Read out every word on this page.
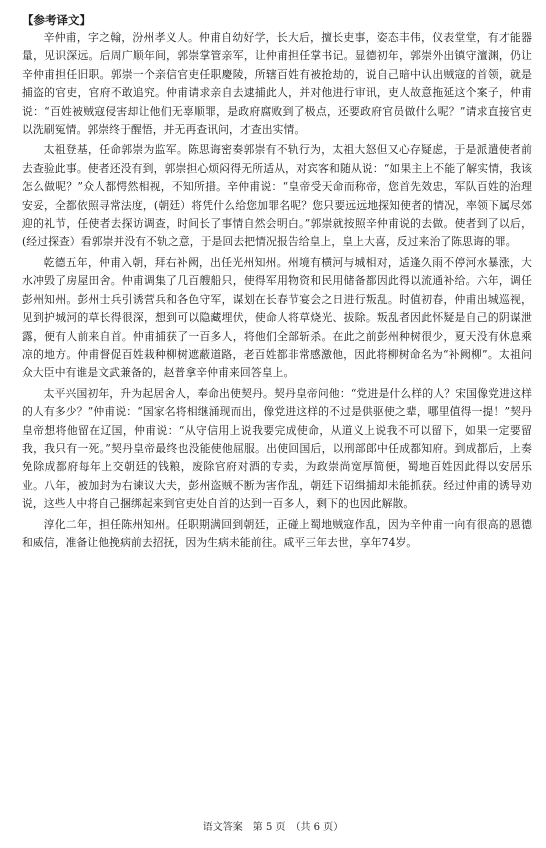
【参考译文】

辛仲甫，字之翰，汾州孝义人。仲甫自幼好学，长大后，擅长吏事，姿态丰伟，仪表堂堂，有才能器量，见识深远。后周广顺年间，郭崇掌管亲军，让仲甫担任掌书记。显德初年，郭崇外出镇守澶渊，仍让辛仲甫担任旧职。郭崇一个亲信官吏任职慶陵，所辖百姓有被抢劫的，说自己暗中认出贼寇的首领，就是捕盗的官吏，官府不敢追究。仲甫请求亲自去逮捕此人，并对他进行审讯，吏人故意拖延这个案子，仲甫说：“百姓被贼寇侵害却让他们无辜顺罪，是政府腐败到了极点，还要政府官员做什么呢？”请求直接官吏以洗刷冤情。郭崇终于醒悟，并无再查讯问，才查出实情。

太祖登基，任命郭崇为监军。陈思诲密奏郭崇有不轨行为，太祖大怒但又心存疑虑，于是派遣使者前去查验此事。使者还没有到，郭崇担心烦闷得无所适从，对宾客和随从说：“如果主上不能了解实情，我该怎么做呢？”众人都愕然相视，不知所措。辛仲甫说：“皇帝受天命而称帝，您首先效忠，军队百姓的治理安妥，全都依照寻常法度，(朝廷）将凭什么给您加罪名呢？您只要远远地探知使者的情况，率领下属尽郊迎的礼节，任使者去探访调查，时间长了事情自然会明白。”郭崇就按照辛仲甫说的去做。使者到了以后，(经过探查）看郭崇并没有不轨之意，于是回去把情况报告给皇上，皇上大喜，反过来治了陈思诲的罪。

乾德五年，仲甫入朝，拜右补阙，出任光州知州。州境有横河与城相对，适逢久雨不停河水暴涨，大水冲毁了房屋田舍。仲甫调集了几百艘船只，使得军用物资和民用储备都因此得以流通补给。六年，调任彭州知州。彭州士兵引诱营兵和各色守军，谋划在长春节宴会之日进行叛乱。时值初春，仲甫出城巡视，见到护城河的草长得很深，想到可以隐藏埋伏，使命人将草烧光、拔除。叛乱者因此怀疑是自己的阴谋泄露，便有人前来自首。仲甫捕获了一百多人，将他们全部斩杀。在此之前彭州种树很少，夏天没有休息乘凉的地方。仲甫督促百姓栽种柳树遮蔽道路，老百姓都非常感激他，因此将柳树命名为“补阙柳”。太祖问众大臣中有谁是文武兼备的，赵普拿辛仲甫来回答皇上。

太平兴国初年，升为起居舍人，奉命出使契丹。契丹皇帝问他：“党进是什么样的人？宋国像党进这样的人有多少？”仲甫说：“国家名将相继涌现而出，像党进这样的不过是供驱使之辈，哪里值得一提！”契丹皇帝想将他留在辽国，仲甫说：“从守信用上说我要完成使命，从道义上说我不可以留下，如果一定要留我，我只有一死。”契丹皇帝最终也没能使他屈服。出使回国后，以刑部郎中任成都知府。到成都后，上奏免除成都府每年上交朝廷的钱粮，废除官府对酒的专卖，为政崇尚宽厚简便，蜀地百姓因此得以安居乐业。八年，被加封为右谏议大夫，彭州盗贼不断为害作乱，朝廷下诏缉捕却未能抓获。经过仲甫的诱导劝说，这些人中将自己捆绑起来到官吏处自首的达到一百多人，剩下的也因此解散。

淳化二年，担任陈州知州。任职期满回到朝廷，正碰上蜀地贼寇作乱，因为辛仲甫一向有很高的恩德和威信，准备让他挽病前去招抚，因为生病未能前往。咸平三年去世，享年74岁。

语文答案　第 5 页　（共 6 页）
